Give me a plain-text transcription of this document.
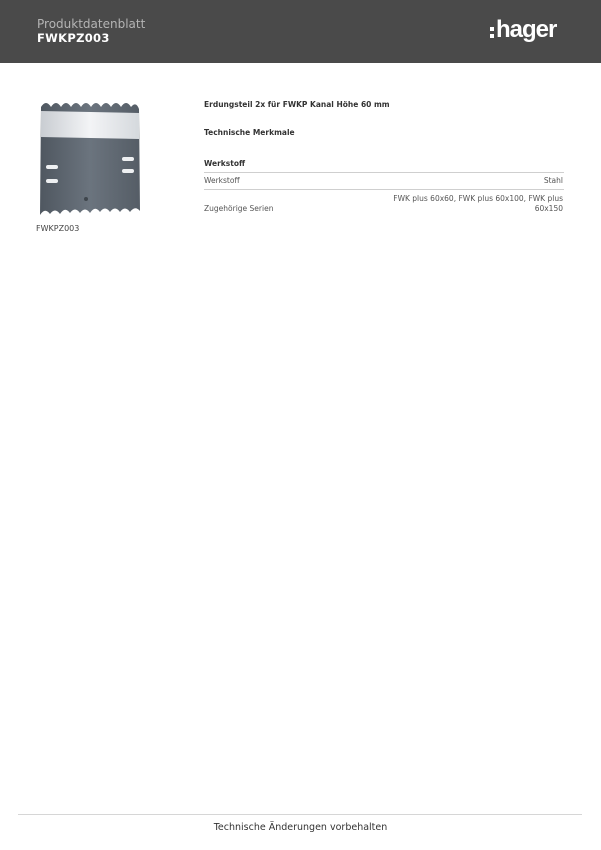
Produktdatenblatt
FWKPZ003	hager
FWKPZ003
Erdungsteil 2x für FWKP Kanal Höhe 60 mm
Technische Merkmale
Werkstoff
Werkstoff	Stahl
Zugehörige Serien
FWK plus 60x60, FWK plus 60x100, FWK plus
60x150
Technische Änderungen vorbehalten
